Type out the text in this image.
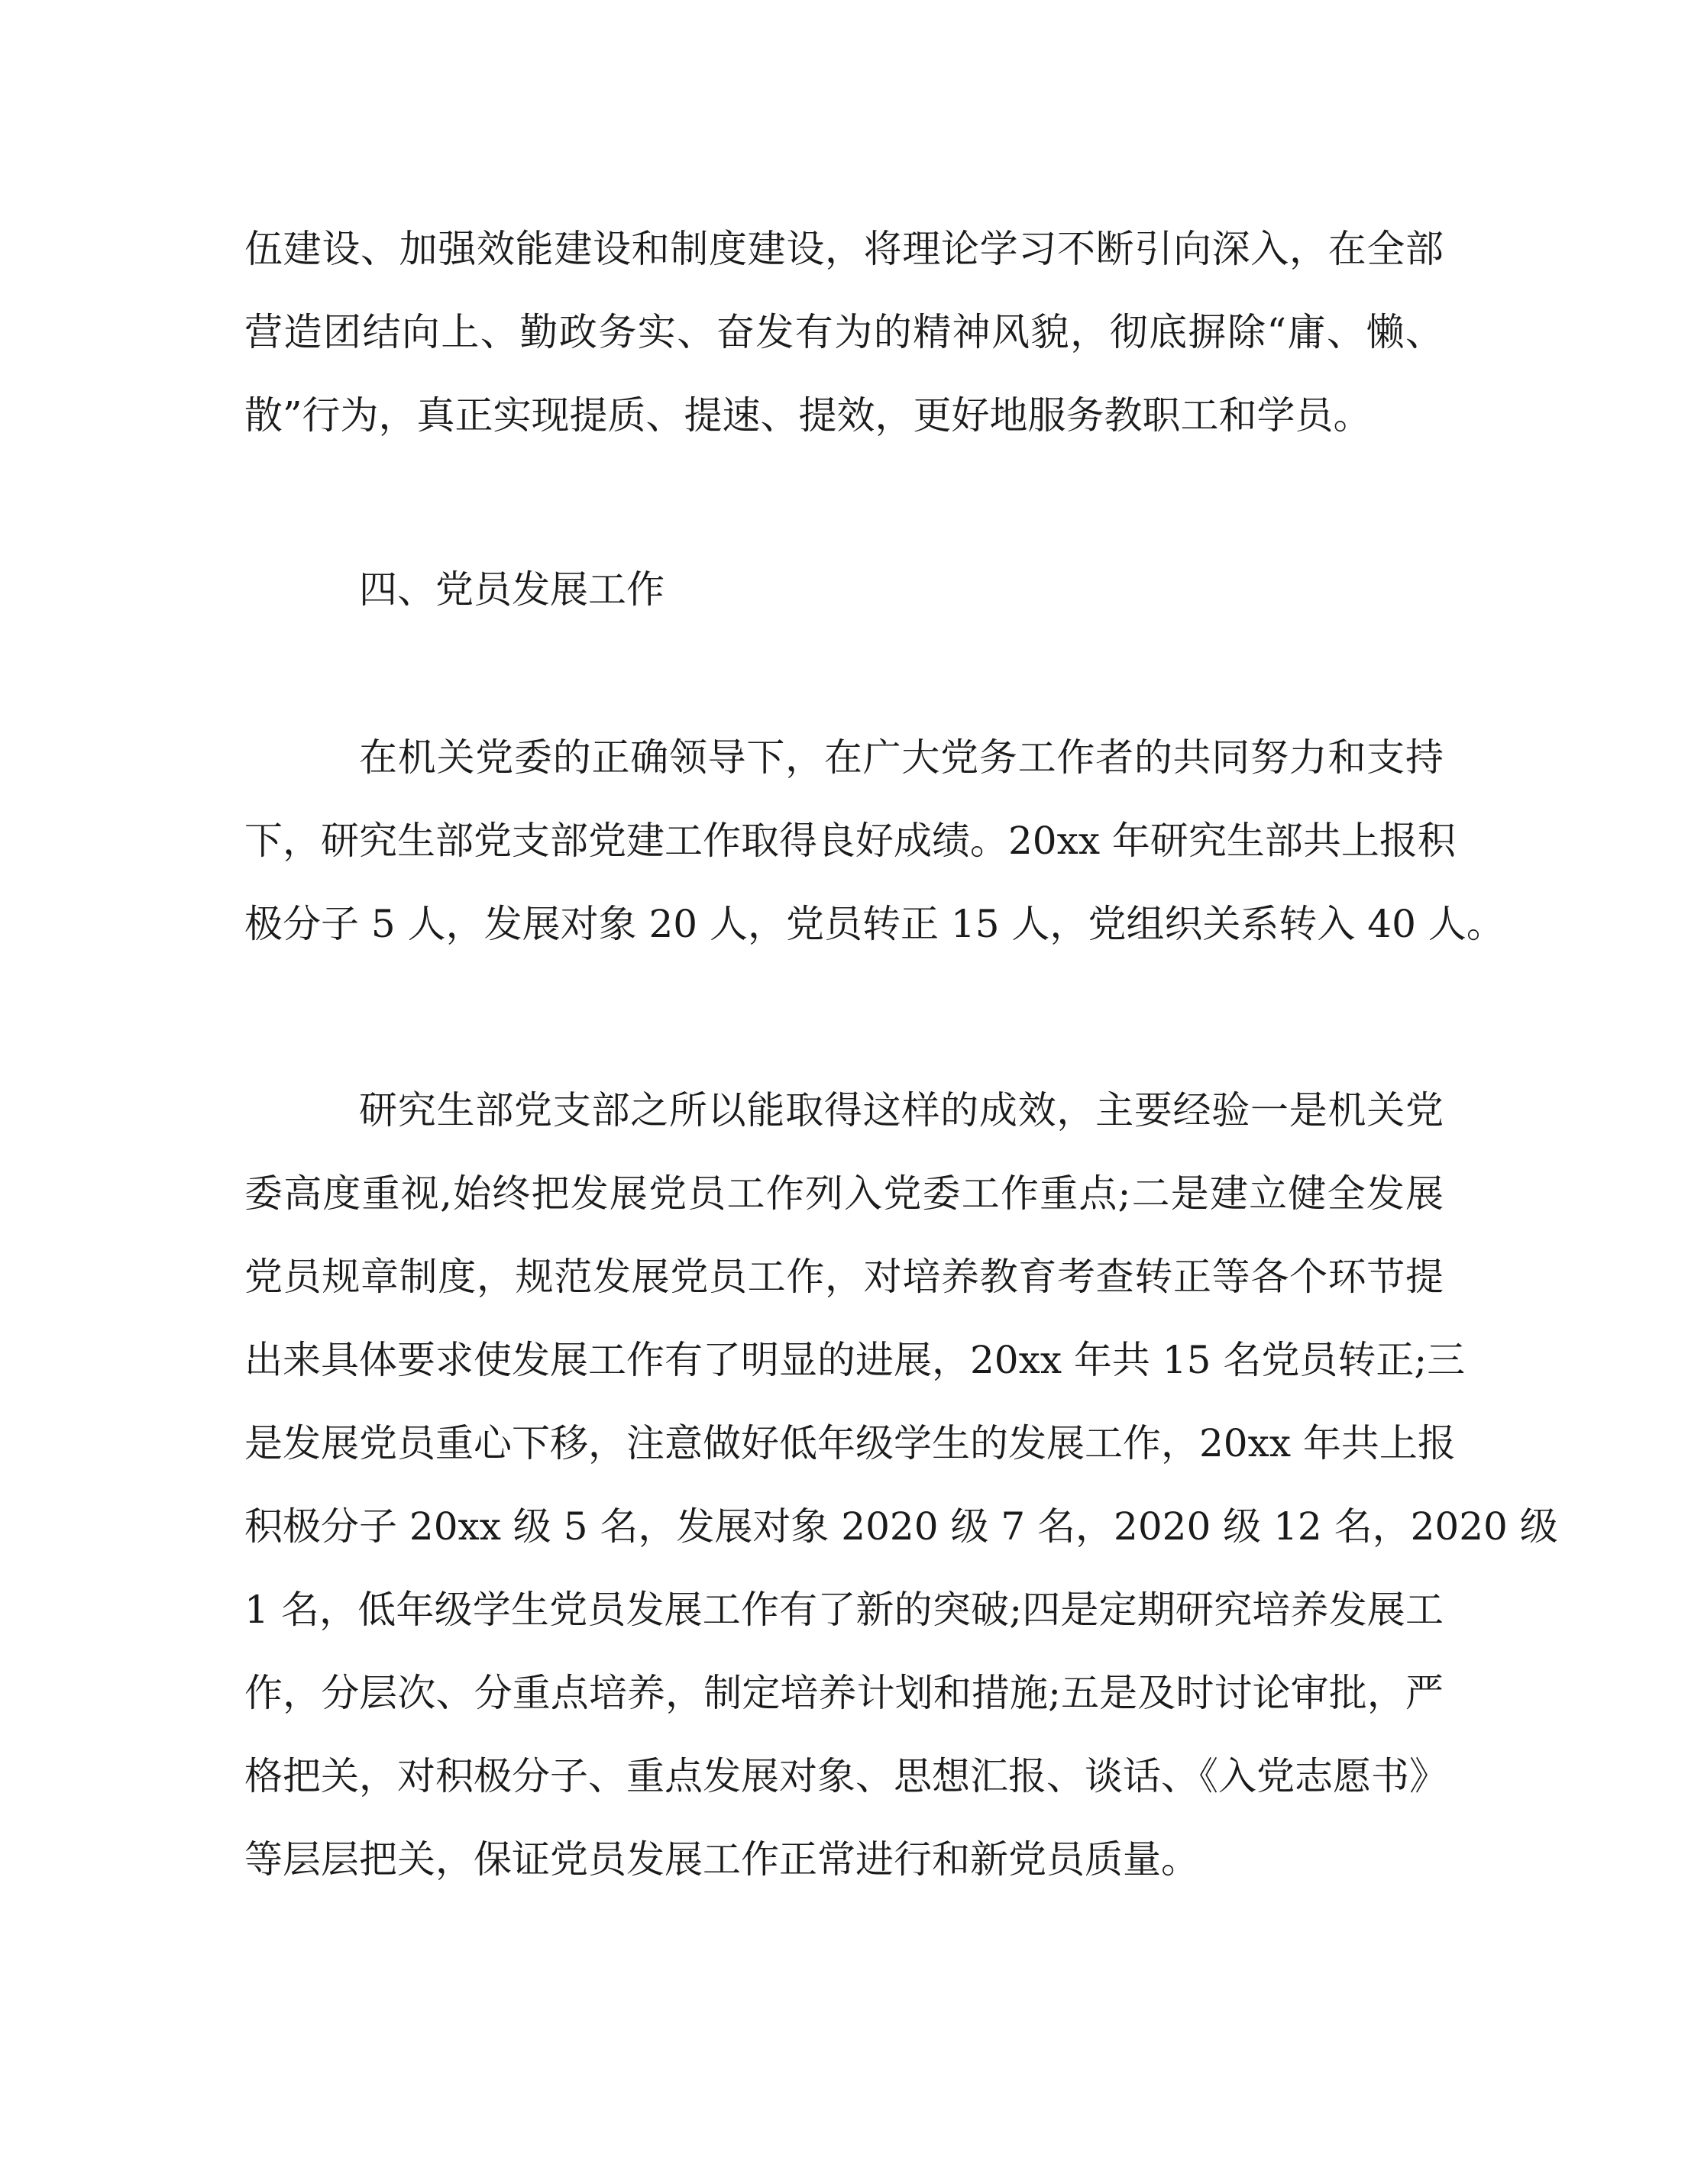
伍建设、加强效能建设和制度建设，将理论学习不断引向深入，在全部
营造团结向上、勤政务实、奋发有为的精神风貌，彻底摒除“庸、懒、
散”行为，真正实现提质、提速、提效，更好地服务教职工和学员。
四、党员发展工作
在机关党委的正确领导下，在广大党务工作者的共同努力和支持
下，研究生部党支部党建工作取得良好成绩。20xx 年研究生部共上报积
极分子 5 人，发展对象 20 人，党员转正 15 人，党组织关系转入 40 人。
研究生部党支部之所以能取得这样的成效，主要经验一是机关党
委高度重视,始终把发展党员工作列入党委工作重点;二是建立健全发展
党员规章制度，规范发展党员工作，对培养教育考查转正等各个环节提
出来具体要求使发展工作有了明显的进展，20xx 年共 15 名党员转正;三
是发展党员重心下移，注意做好低年级学生的发展工作，20xx 年共上报
积极分子 20xx 级 5 名，发展对象 2020 级 7 名，2020 级 12 名，2020 级
1 名，低年级学生党员发展工作有了新的突破;四是定期研究培养发展工
作，分层次、分重点培养，制定培养计划和措施;五是及时讨论审批，严
格把关，对积极分子、重点发展对象、思想汇报、谈话、《入党志愿书》
等层层把关，保证党员发展工作正常进行和新党员质量。
